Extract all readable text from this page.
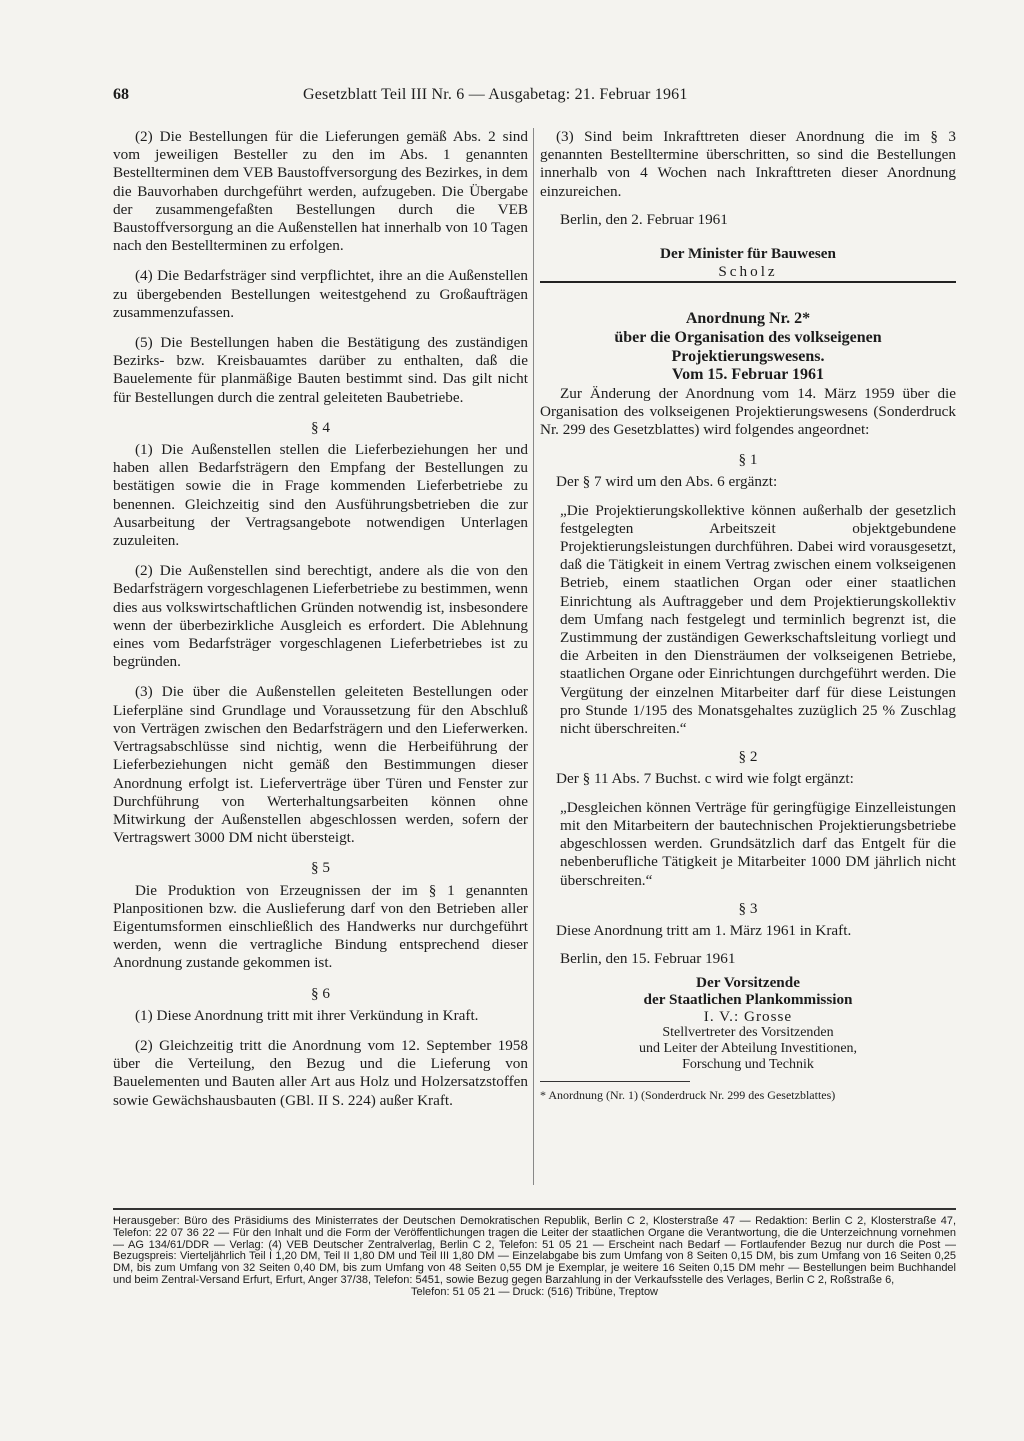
68	Gesetzblatt Teil III Nr. 6 — Ausgabetag: 21. Februar 1961

(2) Die Bestellungen für die Lieferungen gemäß Abs. 2 sind vom jeweiligen Besteller zu den im Abs. 1 genannten Bestellterminen dem VEB Baustoffversorgung des Bezirkes, in dem die Bauvorhaben durchgeführt werden, aufzugeben. Die Übergabe der zusammengefaßten Bestellungen durch die VEB Baustoffversorgung an die Außenstellen hat innerhalb von 10 Tagen nach den Bestellterminen zu erfolgen.

(4) Die Bedarfsträger sind verpflichtet, ihre an die Außenstellen zu übergebenden Bestellungen weitestgehend zu Großaufträgen zusammenzufassen.

(5) Die Bestellungen haben die Bestätigung des zuständigen Bezirks- bzw. Kreisbauamtes darüber zu enthalten, daß die Bauelemente für planmäßige Bauten bestimmt sind. Das gilt nicht für Bestellungen durch die zentral geleiteten Baubetriebe.

§ 4

(1) Die Außenstellen stellen die Lieferbeziehungen her und haben allen Bedarfsträgern den Empfang der Bestellungen zu bestätigen sowie die in Frage kommenden Lieferbetriebe zu benennen. Gleichzeitig sind den Ausführungsbetrieben die zur Ausarbeitung der Vertragsangebote notwendigen Unterlagen zuzuleiten.

(2) Die Außenstellen sind berechtigt, andere als die von den Bedarfsträgern vorgeschlagenen Lieferbetriebe zu bestimmen, wenn dies aus volkswirtschaftlichen Gründen notwendig ist, insbesondere wenn der überbezirkliche Ausgleich es erfordert. Die Ablehnung eines vom Bedarfsträger vorgeschlagenen Lieferbetriebes ist zu begründen.

(3) Die über die Außenstellen geleiteten Bestellungen oder Lieferpläne sind Grundlage und Voraussetzung für den Abschluß von Verträgen zwischen den Bedarfsträgern und den Lieferwerken. Vertragsabschlüsse sind nichtig, wenn die Herbeiführung der Lieferbeziehungen nicht gemäß den Bestimmungen dieser Anordnung erfolgt ist. Lieferverträge über Türen und Fenster zur Durchführung von Werterhaltungsarbeiten können ohne Mitwirkung der Außenstellen abgeschlossen werden, sofern der Vertragswert 3000 DM nicht übersteigt.

§ 5

Die Produktion von Erzeugnissen der im § 1 genannten Planpositionen bzw. die Auslieferung darf von den Betrieben aller Eigentumsformen einschließlich des Handwerks nur durchgeführt werden, wenn die vertragliche Bindung entsprechend dieser Anordnung zustande gekommen ist.

§ 6

(1) Diese Anordnung tritt mit ihrer Verkündung in Kraft.

(2) Gleichzeitig tritt die Anordnung vom 12. September 1958 über die Verteilung, den Bezug und die Lieferung von Bauelementen und Bauten aller Art aus Holz und Holzersatzstoffen sowie Gewächshausbauten (GBl. II S. 224) außer Kraft.

(3) Sind beim Inkrafttreten dieser Anordnung die im § 3 genannten Bestelltermine überschritten, so sind die Bestellungen innerhalb von 4 Wochen nach Inkrafttreten dieser Anordnung einzureichen.

Berlin, den 2. Februar 1961

Der Minister für Bauwesen

Scholz

Anordnung Nr. 2*

über die Organisation des volkseigenen

Projektierungswesens.

Vom 15. Februar 1961

Zur Änderung der Anordnung vom 14. März 1959 über die Organisation des volkseigenen Projektierungswesens (Sonderdruck Nr. 299 des Gesetzblattes) wird folgendes angeordnet:

§ 1

Der § 7 wird um den Abs. 6 ergänzt:

„Die Projektierungskollektive können außerhalb der gesetzlich festgelegten Arbeitszeit objektgebundene Projektierungsleistungen durchführen. Dabei wird vorausgesetzt, daß die Tätigkeit in einem Vertrag zwischen einem volkseigenen Betrieb, einem staatlichen Organ oder einer staatlichen Einrichtung als Auftraggeber und dem Projektierungskollektiv dem Umfang nach festgelegt und terminlich begrenzt ist, die Zustimmung der zuständigen Gewerkschaftsleitung vorliegt und die Arbeiten in den Diensträumen der volkseigenen Betriebe, staatlichen Organe oder Einrichtungen durchgeführt werden. Die Vergütung der einzelnen Mitarbeiter darf für diese Leistungen pro Stunde 1/195 des Monatsgehaltes zuzüglich 25 % Zuschlag nicht überschreiten.“

§ 2

Der § 11 Abs. 7 Buchst. c wird wie folgt ergänzt:

„Desgleichen können Verträge für geringfügige Einzelleistungen mit den Mitarbeitern der bautechnischen Projektierungsbetriebe abgeschlossen werden. Grundsätzlich darf das Entgelt für die nebenberufliche Tätigkeit je Mitarbeiter 1000 DM jährlich nicht überschreiten.“

§ 3

Diese Anordnung tritt am 1. März 1961 in Kraft.

Berlin, den 15. Februar 1961

Der Vorsitzende

der Staatlichen Plankommission

I. V.: Grosse

Stellvertreter des Vorsitzenden

und Leiter der Abteilung Investitionen,

Forschung und Technik

* Anordnung (Nr. 1) (Sonderdruck Nr. 299 des Gesetzblattes)

Herausgeber: Büro des Präsidiums des Ministerrates der Deutschen Demokratischen Republik, Berlin C 2, Klosterstraße 47 — Redaktion: Berlin C 2, Klosterstraße 47, Telefon: 22 07 36 22 — Für den Inhalt und die Form der Veröffentlichungen tragen die Leiter der staatlichen Organe die Verantwortung, die die Unterzeichnung vornehmen — AG 134/61/DDR — Verlag: (4) VEB Deutscher Zentralverlag, Berlin C 2, Telefon: 51 05 21 — Erscheint nach Bedarf — Fortlaufender Bezug nur durch die Post — Bezugspreis: Vierteljährlich Teil I 1,20 DM, Teil II 1,80 DM und Teil III 1,80 DM — Einzelabgabe bis zum Umfang von 8 Seiten 0,15 DM, bis zum Umfang von 16 Seiten 0,25 DM, bis zum Umfang von 32 Seiten 0,40 DM, bis zum Umfang von 48 Seiten 0,55 DM je Exemplar, je weitere 16 Seiten 0,15 DM mehr — Bestellungen beim Buchhandel und beim Zentral-Versand Erfurt, Erfurt, Anger 37/38, Telefon: 5451, sowie Bezug gegen Barzahlung in der Verkaufsstelle des Verlages, Berlin C 2, Roßstraße 6,

Telefon: 51 05 21 — Druck: (516) Tribüne, Treptow
